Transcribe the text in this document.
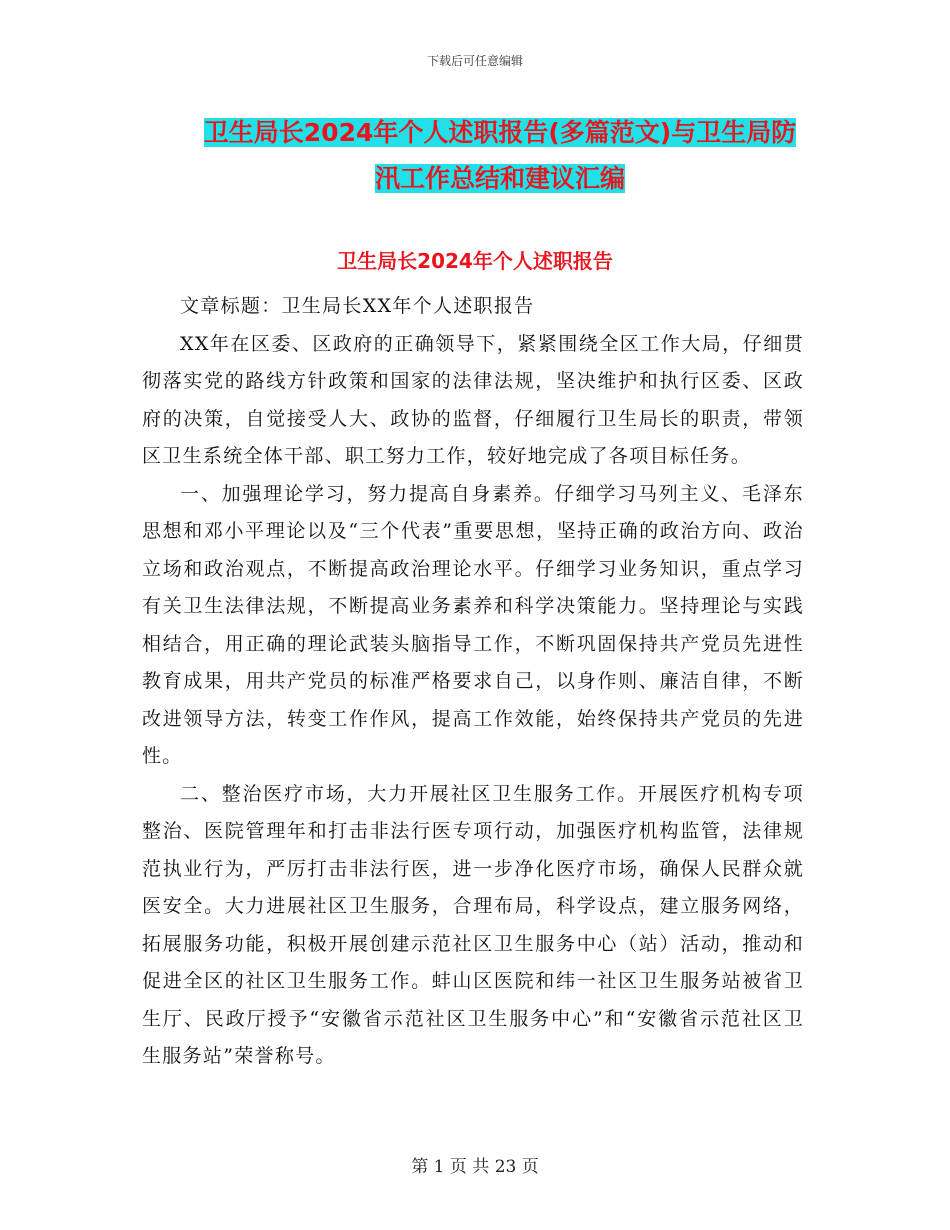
下载后可任意编辑
卫生局长2024年个人述职报告(多篇范文)与卫生局防
汛工作总结和建议汇编
卫生局长2024年个人述职报告

文章标题：卫生局长XX年个人述职报告

XX年在区委、区政府的正确领导下，紧紧围绕全区工作大局，仔细贯彻落实党的路线方针政策和国家的法律法规，坚决维护和执行区委、区政府的决策，自觉接受人大、政协的监督，仔细履行卫生局长的职责，带领区卫生系统全体干部、职工努力工作，较好地完成了各项目标任务。

一、加强理论学习，努力提高自身素养。仔细学习马列主义、毛泽东思想和邓小平理论以及“三个代表”重要思想，坚持正确的政治方向、政治立场和政治观点，不断提高政治理论水平。仔细学习业务知识，重点学习有关卫生法律法规，不断提高业务素养和科学决策能力。坚持理论与实践相结合，用正确的理论武装头脑指导工作，不断巩固保持共产党员先进性教育成果，用共产党员的标准严格要求自己，以身作则、廉洁自律，不断改进领导方法，转变工作作风，提高工作效能，始终保持共产党员的先进性。

二、整治医疗市场，大力开展社区卫生服务工作。开展医疗机构专项整治、医院管理年和打击非法行医专项行动，加强医疗机构监管，法律规范执业行为，严厉打击非法行医，进一步净化医疗市场，确保人民群众就医安全。大力进展社区卫生服务，合理布局，科学设点，建立服务网络，拓展服务功能，积极开展创建示范社区卫生服务中心（站）活动，推动和促进全区的社区卫生服务工作。蚌山区医院和纬一社区卫生服务站被省卫生厅、民政厅授予“安徽省示范社区卫生服务中心”和“安徽省示范社区卫生服务站”荣誉称号。

第 1 页 共 23 页
